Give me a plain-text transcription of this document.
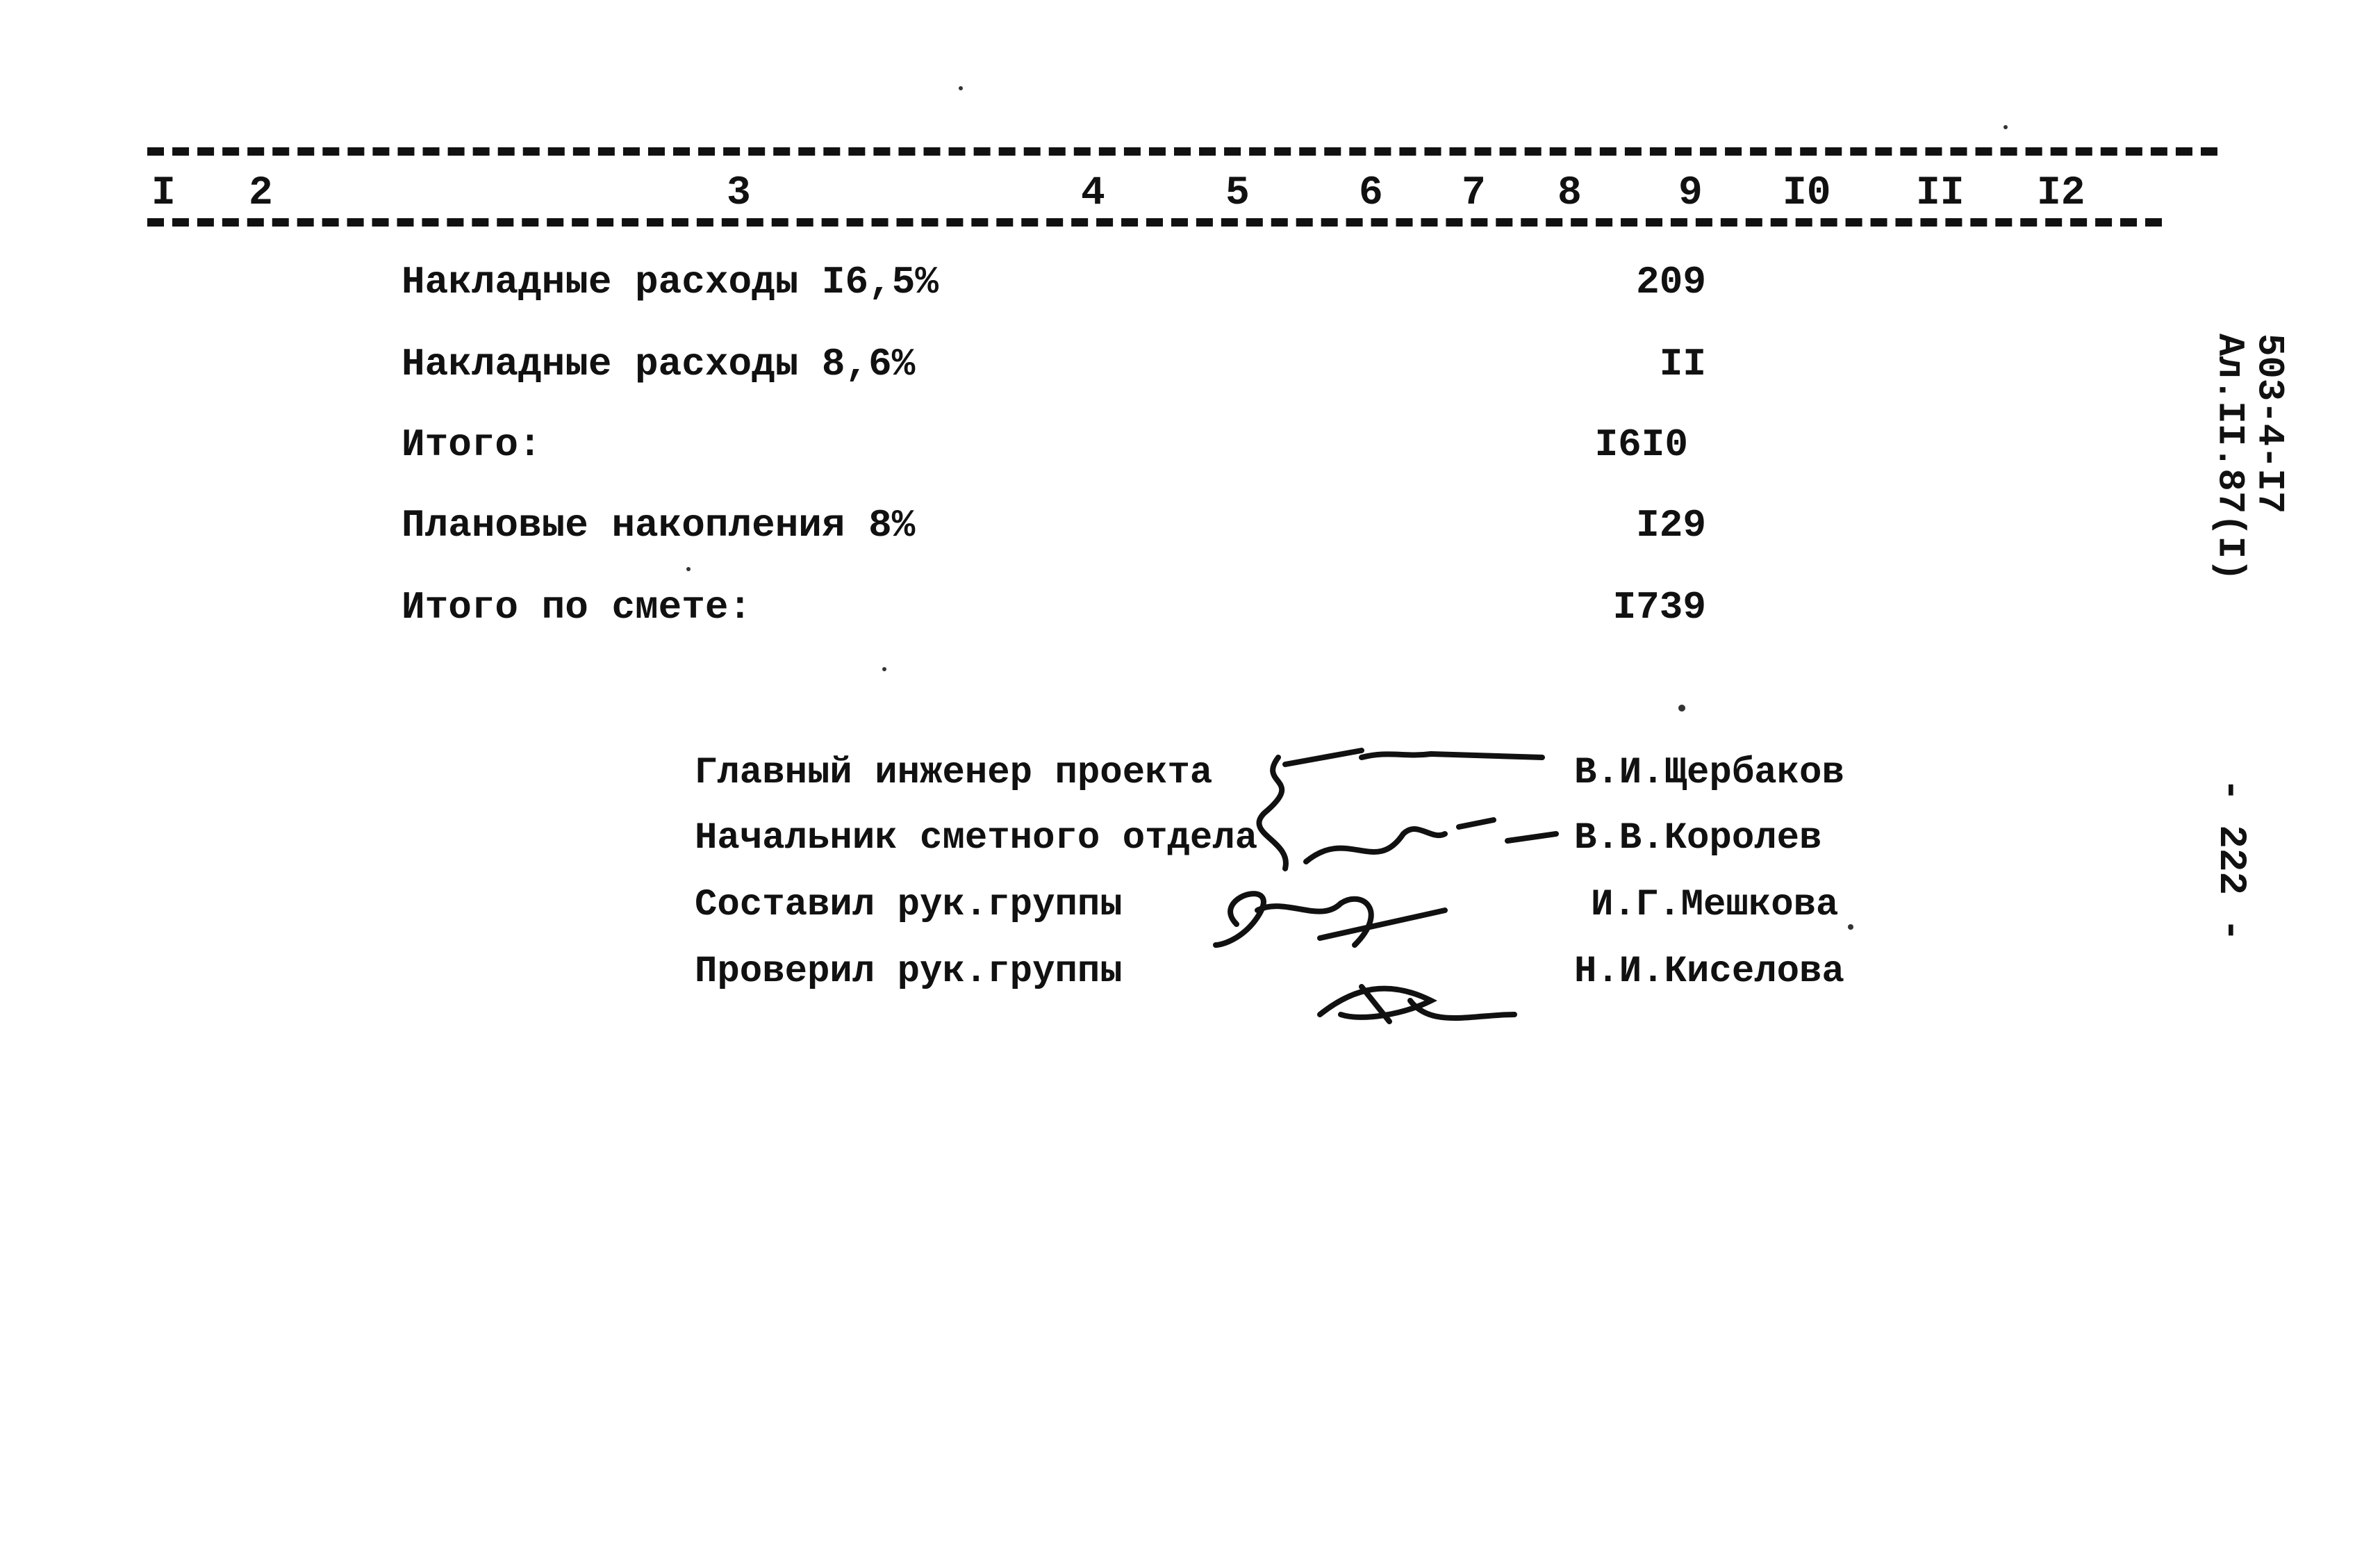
I 2	3	4	5	6 7 8 9 I0 II I2
Накладные расходы I6,5%	209
Накладные расходы 8,6%	II
Итого:	I6I0
Плановые накопления 8%	I29
Итого по смете:	I739
Главный инженер проекта	В.И.Щербаков
Начальник сметного отдела	В.В.Королев
Составил рук.группы	И.Г.Мешкова
Проверил рук.группы	Н.И.Киселова
503-4-I7
Ал.II.87(I)
- 222 -
